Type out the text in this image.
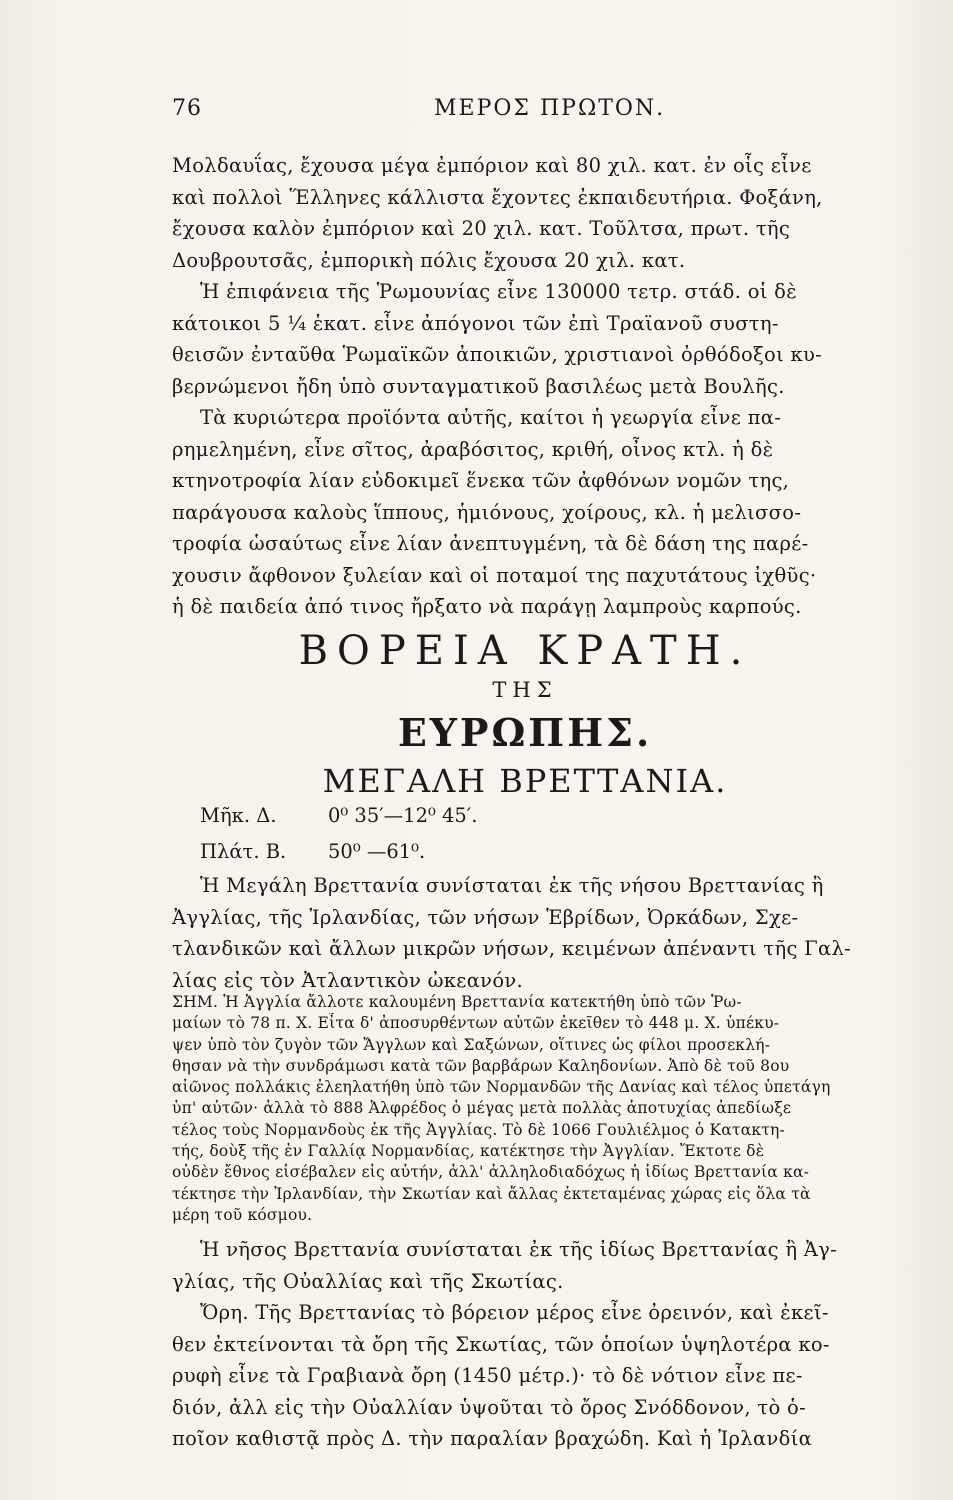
76	ΜΕΡΟΣ ΠΡΩΤΟΝ.
Μολδαυΐας, ἔχουσα μέγα ἐμπόριον καὶ 80 χιλ. κατ. ἐν οἷς εἶνε
καὶ πολλοὶ Ἕλληνες κάλλιστα ἔχοντες ἐκπαιδευτήρια. Φοξάνη,
ἔχουσα καλὸν ἐμπόριον καὶ 20 χιλ. κατ. Τοῦλτσα, πρωτ. τῆς
Δουβρουτσᾶς, ἐμπορικὴ πόλις ἔχουσα 20 χιλ. κατ.
Ἡ ἐπιφάνεια τῆς Ῥωμουνίας εἶνε 130000 τετρ. στάδ. οἱ δὲ
κάτοικοι 5 ¼ ἑκατ. εἶνε ἀπόγονοι τῶν ἐπὶ Τραϊανοῦ συστη-
θεισῶν ἐνταῦθα Ῥωμαϊκῶν ἀποικιῶν, χριστιανοὶ ὀρθόδοξοι κυ-
βερνώμενοι ἤδη ὑπὸ συνταγματικοῦ βασιλέως μετὰ Βουλῆς.
Τὰ κυριώτερα προϊόντα αὐτῆς, καίτοι ἡ γεωργία εἶνε πα-
ρημελημένη, εἶνε σῖτος, ἀραβόσιτος, κριθή, οἶνος κτλ. ἡ δὲ
κτηνοτροφία λίαν εὐδοκιμεῖ ἕνεκα τῶν ἀφθόνων νομῶν της,
παράγουσα καλοὺς ἵππους, ἡμιόνους, χοίρους, κλ. ἡ μελισσο-
τροφία ὡσαύτως εἶνε λίαν ἀνεπτυγμένη, τὰ δὲ δάση της παρέ-
χουσιν ἄφθονον ξυλείαν καὶ οἱ ποταμοί της παχυτάτους ἰχθῦς·
ἡ δὲ παιδεία ἀπό τινος ἤρξατο νὰ παράγῃ λαμπροὺς καρπούς.
ΒΟΡΕΙΑ ΚΡΑΤΗ.
ΤΗΣ
ΕΥΡΩΠΗΣ.
ΜΕΓΑΛΗ ΒΡΕΤΤΑΝΙΑ.
Μῆκ. Δ.	0⁰ 35′—12⁰ 45′.
Πλάτ. Β. 50⁰ —61⁰.
Ἡ Μεγάλη Βρεττανία συνίσταται ἐκ τῆς νήσου Βρεττανίας ἢ
Ἀγγλίας, τῆς Ἰρλανδίας, τῶν νήσων Ἑβρίδων, Ὀρκάδων, Σχε-
τλανδικῶν καὶ ἄλλων μικρῶν νήσων, κειμένων ἀπέναντι τῆς Γαλ-
λίας εἰς τὸν Ἀτλαντικὸν ὠκεανόν.
ΣΗΜ. Ἡ Ἀγγλία ἄλλοτε καλουμένη Βρεττανία κατεκτήθη ὑπὸ τῶν Ῥω-
μαίων τὸ 78 π. Χ. Εἶτα δ' ἀποσυρθέντων αὐτῶν ἐκεῖθεν τὸ 448 μ. Χ. ὑπέκυ-
ψεν ὑπὸ τὸν ζυγὸν τῶν Ἄγγλων καὶ Σαξώνων, οἵτινες ὡς φίλοι προσεκλή-
θησαν νὰ τὴν συνδράμωσι κατὰ τῶν βαρβάρων Καληδονίων. Ἀπὸ δὲ τοῦ 8ου
αἰῶνος πολλάκις ἐλεηλατήθη ὑπὸ τῶν Νορμανδῶν τῆς Δανίας καὶ τέλος ὑπετάγη
ὑπ' αὐτῶν· ἀλλὰ τὸ 888 Ἀλφρέδος ὁ μέγας μετὰ πολλὰς ἀποτυχίας ἀπεδίωξε
τέλος τοὺς Νορμανδοὺς ἐκ τῆς Ἀγγλίας. Τὸ δὲ 1066 Γουλιέλμος ὁ Κατακτη-
τής, δοὺξ τῆς ἐν Γαλλίᾳ Νορμανδίας, κατέκτησε τὴν Ἀγγλίαν. Ἔκτοτε δὲ
οὐδὲν ἔθνος εἰσέβαλεν εἰς αὐτήν, ἀλλ' ἀλληλοδιαδόχως ἡ ἰδίως Βρεττανία κα-
τέκτησε τὴν Ἰρλανδίαν, τὴν Σκωτίαν καὶ ἄλλας ἐκτεταμένας χώρας εἰς ὅλα τὰ
μέρη τοῦ κόσμου.
Ἡ νῆσος Βρεττανία συνίσταται ἐκ τῆς ἰδίως Βρεττανίας ἢ Ἀγ-
γλίας, τῆς Οὐαλλίας καὶ τῆς Σκωτίας.
Ὄρη. Τῆς Βρεττανίας τὸ βόρειον μέρος εἶνε ὀρεινόν, καὶ ἐκεῖ-
θεν ἐκτείνονται τὰ ὄρη τῆς Σκωτίας, τῶν ὁποίων ὑψηλοτέρα κο-
ρυφὴ εἶνε τὰ Γραβιανὰ ὄρη (1450 μέτρ.)· τὸ δὲ νότιον εἶνε πε-
διόν, ἀλλ εἰς τὴν Οὐαλλίαν ὑψοῦται τὸ ὄρος Σνόδδονον, τὸ ὁ-
ποῖον καθιστᾷ πρὸς Δ. τὴν παραλίαν βραχώδη. Καὶ ἡ Ἰρλανδία
